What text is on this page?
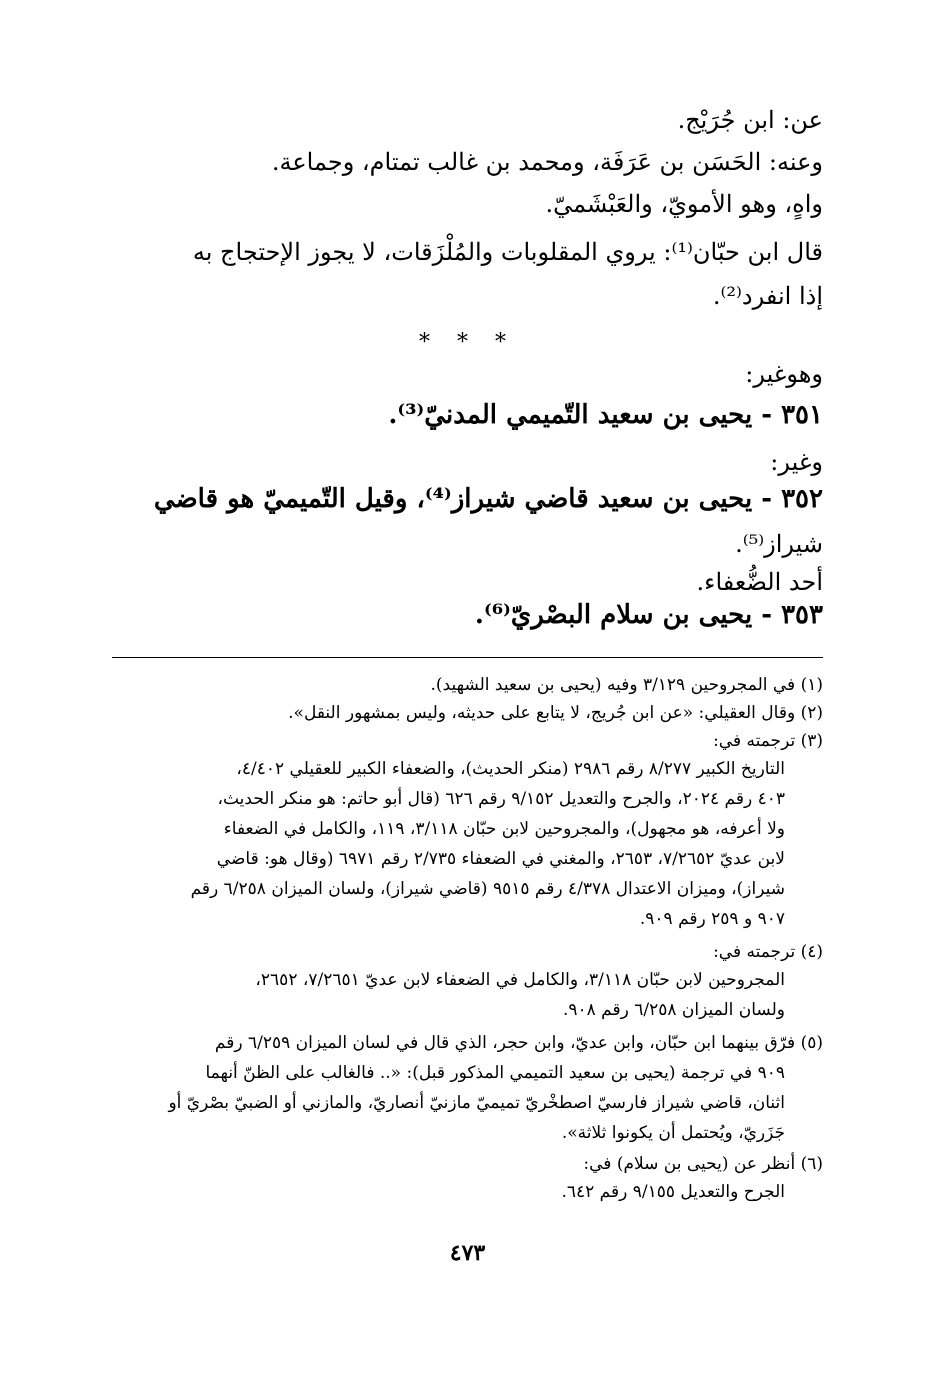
عن: ابن جُرَيْج.
وعنه: الحَسَن بن عَرَفَة، ومحمد بن غالب تمتام، وجماعة.
واهٍ، وهو الأمويّ، والعَبْشَميّ.
قال ابن حبّان⁽¹⁾: يروي المقلوبات والمُلْزَقات، لا يجوز الإحتجاج به
إذا انفرد⁽²⁾.
* * *
وهوغير:
٣٥١ - يحيى بن سعيد التّميمي المدنيّ⁽³⁾.
وغير:
٣٥٢ - يحيى بن سعيد قاضي شيراز⁽⁴⁾، وقيل التّميميّ هو قاضي
شيراز⁽⁵⁾.
أحد الضُّعفاء.
٣٥٣ - يحيى بن سلام البصْريّ⁽⁶⁾.
(١) في المجروحين ٣/١٢٩ وفيه (يحيى بن سعيد الشهيد).
(٢) وقال العقيلي: «عن ابن جُريج، لا يتابع على حديثه، وليس بمشهور النقل».
(٣) ترجمته في:
التاريخ الكبير ٨/٢٧٧ رقم ٢٩٨٦ (منكر الحديث)، والضعفاء الكبير للعقيلي ٤/٤٠٢،
٤٠٣ رقم ٢٠٢٤، والجرح والتعديل ٩/١٥٢ رقم ٦٢٦ (قال أبو حاتم: هو منكر الحديث،
ولا أعرفه، هو مجهول)، والمجروحين لابن حبّان ٣/١١٨، ١١٩، والكامل في الضعفاء
لابن عديّ ٧/٢٦٥٢، ٢٦٥٣، والمغني في الضعفاء ٢/٧٣٥ رقم ٦٩٧١ (وقال هو: قاضي
شيراز)، وميزان الاعتدال ٤/٣٧٨ رقم ٩٥١٥ (قاضي شيراز)، ولسان الميزان ٦/٢٥٨ رقم
٩٠٧ و ٢٥٩ رقم ٩٠٩.
(٤) ترجمته في:
المجروحين لابن حبّان ٣/١١٨، والكامل في الضعفاء لابن عديّ ٧/٢٦٥١، ٢٦٥٢،
ولسان الميزان ٦/٢٥٨ رقم ٩٠٨.
(٥) فرّق بينهما ابن حبّان، وابن عديّ، وابن حجر، الذي قال في لسان الميزان ٦/٢٥٩ رقم
٩٠٩ في ترجمة (يحيى بن سعيد التميمي المذكور قبل): «.. فالغالب على الظنّ أنهما
اثنان، قاضي شيراز فارسيّ اصطخْريّ تميميّ مازنيّ أنصاريّ، والمازني أو الضبيّ بصْريّ أو
جَزَريّ، ويُحتمل أن يكونوا ثلاثة».
(٦) أنظر عن (يحيى بن سلام) في:
الجرح والتعديل ٩/١٥٥ رقم ٦٤٢.
٤٧٣
